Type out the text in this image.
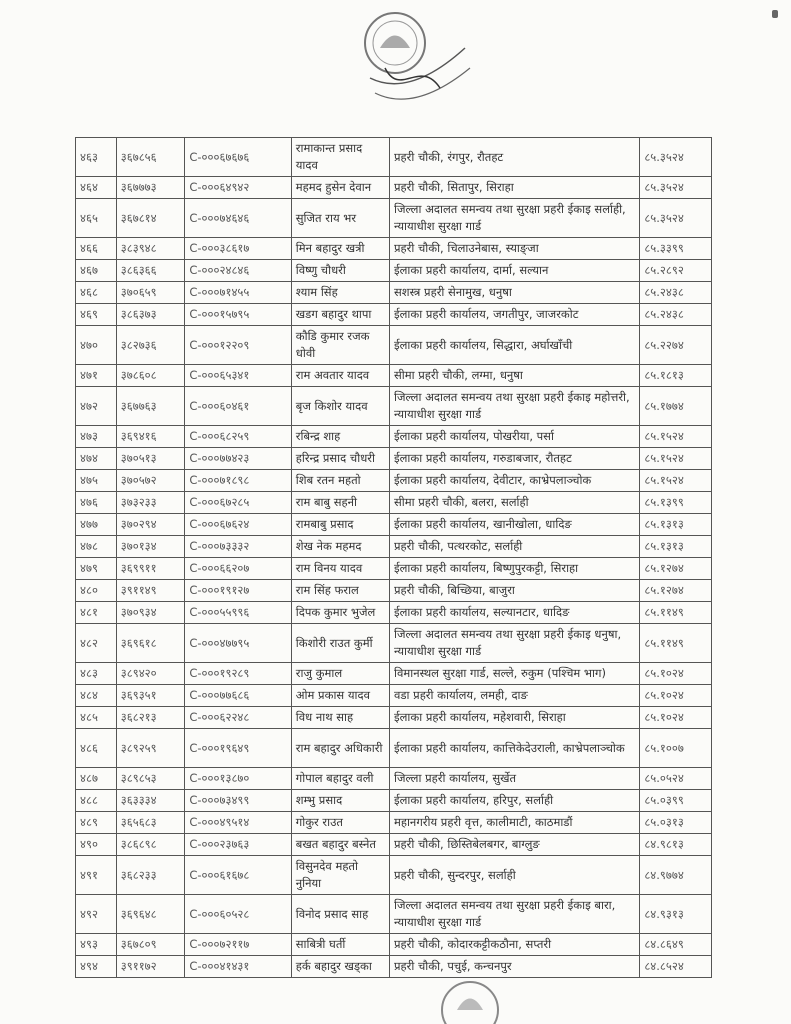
४६३	३६७८५६	C-०००६७६७६	रामाकान्त प्रसाद यादव	प्रहरी चौकी, रंगपुर, रौतहट	८५.३५२४
४६४	३६७७७३	C-०००६४९४२	महमद हुसेन देवान	प्रहरी चौकी, सितापुर, सिराहा	८५.३५२४
४६५	३६७८१४	C-०००७४६४६	सुजित राय भर	जिल्ला अदालत समन्वय तथा सुरक्षा प्रहरी ईकाइ सर्लाही, न्यायाधीश सुरक्षा गार्ड	८५.३५२४
४६६	३८३९४८	C-०००३८६१७	मिन बहादुर खत्री	प्रहरी चौकी, चिलाउनेबास, स्याङ्जा	८५.३३९९
४६७	३८६३६६	C-०००२४८४६	विष्णु चौधरी	ईलाका प्रहरी कार्यालय, दार्मा, सल्यान	८५.२८९२
४६८	३७०६५९	C-०००७१४५५	श्याम सिंह	सशस्त्र प्रहरी सेनामुख, धनुषा	८५.२४३८
४६९	३८६३७३	C-०००१५७९५	खडग बहादुर थापा	ईलाका प्रहरी कार्यालय, जगतीपुर, जाजरकोट	८५.२४३८
४७०	३८२७३६	C-०००१२२०९	कौडि कुमार रजक धोवी	ईलाका प्रहरी कार्यालय, सिद्धारा, अर्घाखाँची	८५.२२७४
४७१	३७८६०८	C-०००६५३४१	राम अवतार यादव	सीमा प्रहरी चौकी, लग्मा, धनुषा	८५.१८१३
४७२	३६७७६३	C-०००६०४६१	बृज किशोर यादव	जिल्ला अदालत समन्वय तथा सुरक्षा प्रहरी ईकाइ महोत्तरी, न्यायाधीश सुरक्षा गार्ड	८५.१७७४
४७३	३६९४१६	C-०००६८२५९	रबिन्द्र शाह	ईलाका प्रहरी कार्यालय, पोखरीया, पर्सा	८५.१५२४
४७४	३७०५१३	C-०००७७४२३	हरिन्द्र प्रसाद चौधरी	ईलाका प्रहरी कार्यालय, गरुडाबजार, रौतहट	८५.१५२४
४७५	३७०५७२	C-०००७१८९८	शिब रतन महतो	ईलाका प्रहरी कार्यालय, देवीटार, काभ्रेपलाञ्चोक	८५.१५२४
४७६	३७३२३३	C-०००६७२८५	राम बाबु सहनी	सीमा प्रहरी चौकी, बलरा, सर्लाही	८५.१३९९
४७७	३७०२९४	C-०००६७६२४	रामबाबु प्रसाद	ईलाका प्रहरी कार्यालय, खानीखोला, धादिङ	८५.१३१३
४७८	३७०१३४	C-०००७३३३२	शेख नेक महमद	प्रहरी चौकी, पत्थरकोट, सर्लाही	८५.१३१३
४७९	३६९९११	C-०००६६२०७	राम विनय यादव	ईलाका प्रहरी कार्यालय, बिष्णुपुरकट्टी, सिराहा	८५.१२७४
४८०	३९११४९	C-०००१९१२७	राम सिंह फराल	प्रहरी चौकी, बिच्छिया, बाजुरा	८५.१२७४
४८१	३७०९३४	C-०००५५९९६	दिपक कुमार भुजेल	ईलाका प्रहरी कार्यालय, सल्यानटार, धादिङ	८५.११४९
४८२	३६९६१८	C-०००४७७९५	किशोरी राउत कुर्मी	जिल्ला अदालत समन्वय तथा सुरक्षा प्रहरी ईकाइ धनुषा, न्यायाधीश सुरक्षा गार्ड	८५.११४९
४८३	३८९४२०	C-०००१९२८९	राजु कुमाल	विमानस्थल सुरक्षा गार्ड, सल्ले, रुकुम (पश्चिम भाग)	८५.१०२४
४८४	३६९३५१	C-०००७७६८६	ओम प्रकास यादव	वडा प्रहरी कार्यालय, लमही, दाङ	८५.१०२४
४८५	३६८२१३	C-०००६२२४८	विध नाथ साह	ईलाका प्रहरी कार्यालय, महेशवारी, सिराहा	८५.१०२४
४८६	३८९२५९	C-०००१९६४९	राम बहादुर अधिकारी	ईलाका प्रहरी कार्यालय, कात्तिकेदेउराली, काभ्रेपलाञ्चोक	८५.१००७
४८७	३८९८५३	C-०००१३८७०	गोपाल बहादुर वली	जिल्ला प्रहरी कार्यालय, सुर्खेत	८५.०५२४
४८८	३६३३३४	C-०००७३४९९	शम्भु प्रसाद	ईलाका प्रहरी कार्यालय, हरिपुर, सर्लाही	८५.०३९९
४८९	३६५६८३	C-०००४९५१४	गोकुर राउत	महानगरीय प्रहरी वृत्त, कालीमाटी, काठमाडौं	८५.०३१३
४९०	३८६८९८	C-०००२३७६३	बखत बहादुर बस्नेत	प्रहरी चौकी, छिस्तिबेलबगर, बाग्लुङ	८४.९८१३
४९१	३६८२३३	C-०००६१६७८	विसुनदेव महतो नुनिया	प्रहरी चौकी, सुन्दरपुर, सर्लाही	८४.९७७४
४९२	३६९६४८	C-०००६०५२८	विनोद प्रसाद साह	जिल्ला अदालत समन्वय तथा सुरक्षा प्रहरी ईकाइ बारा, न्यायाधीश सुरक्षा गार्ड	८४.९३१३
४९३	३६७८०९	C-०००७२११७	साबित्री घर्ती	प्रहरी चौकी, कोदारकट्टीकठौना, सप्तरी	८४.८६४९
४९४	३९११७२	C-०००४१४३१	हर्क बहादुर खड्का	प्रहरी चौकी, पचुई, कन्चनपुर	८४.८५२४
